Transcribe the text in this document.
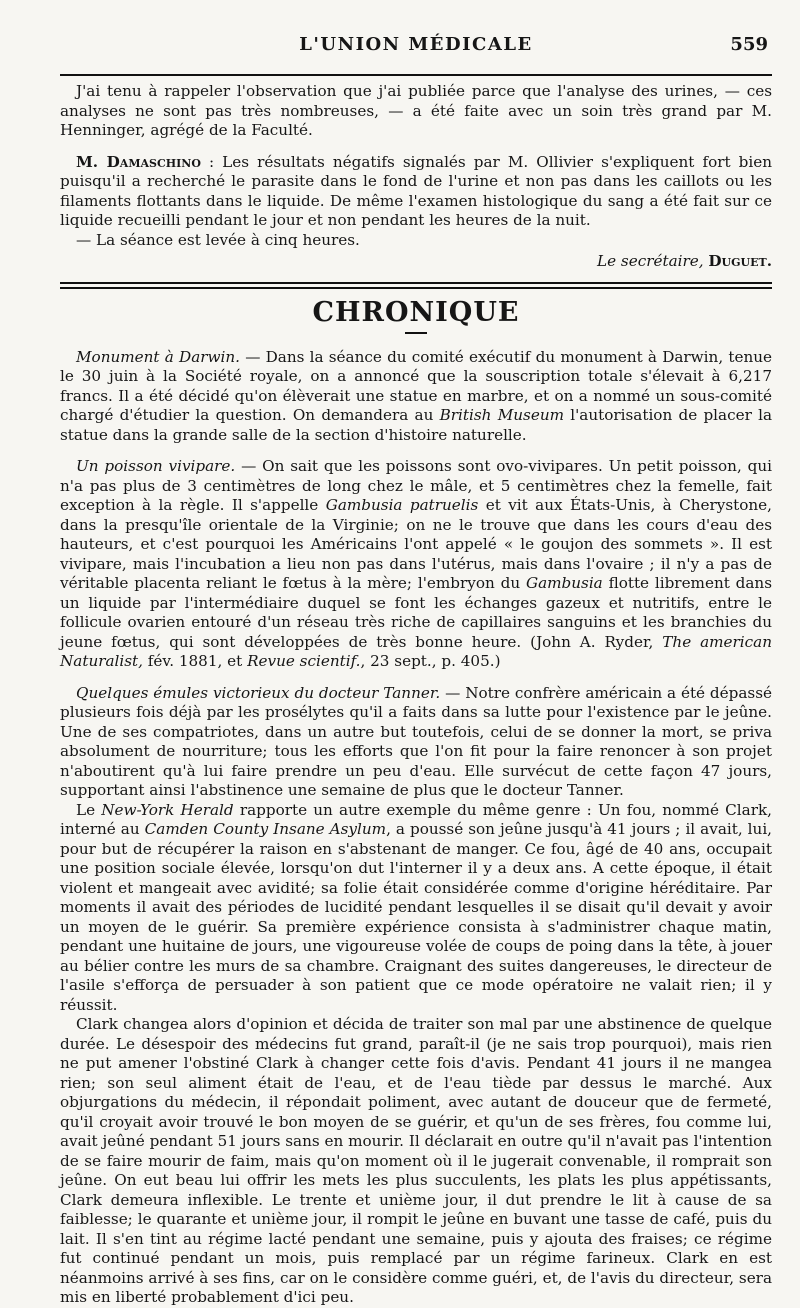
L'UNION MÉDICALE	559

J'ai tenu à rappeler l'observation que j'ai publiée parce que l'analyse des urines, — ces analyses ne sont pas très nombreuses, — a été faite avec un soin très grand par M. Henninger, agrégé de la Faculté.

M. Damaschino : Les résultats négatifs signalés par M. Ollivier s'expliquent fort bien puisqu'il a recherché le parasite dans le fond de l'urine et non pas dans les caillots ou les filaments flottants dans le liquide. De même l'examen histologique du sang a été fait sur ce liquide recueilli pendant le jour et non pendant les heures de la nuit.

— La séance est levée à cinq heures.

Le secrétaire, Duguet.

CHRONIQUE

Monument à Darwin. — Dans la séance du comité exécutif du monument à Darwin, tenue le 30 juin à la Société royale, on a annoncé que la souscription totale s'élevait à 6,217 francs. Il a été décidé qu'on élèverait une statue en marbre, et on a nommé un sous-comité chargé d'étudier la question. On demandera au British Museum l'autorisation de placer la statue dans la grande salle de la section d'histoire naturelle.

Un poisson vivipare. — On sait que les poissons sont ovo-vivipares. Un petit poisson, qui n'a pas plus de 3 centimètres de long chez le mâle, et 5 centimètres chez la femelle, fait exception à la règle. Il s'appelle Gambusia patruelis et vit aux États-Unis, à Cherystone, dans la presqu'île orientale de la Virginie; on ne le trouve que dans les cours d'eau des hauteurs, et c'est pourquoi les Américains l'ont appelé « le goujon des sommets ». Il est vivipare, mais l'incubation a lieu non pas dans l'utérus, mais dans l'ovaire ; il n'y a pas de véritable placenta reliant le fœtus à la mère; l'embryon du Gambusia flotte librement dans un liquide par l'intermédiaire duquel se font les échanges gazeux et nutritifs, entre le follicule ovarien entouré d'un réseau très riche de capillaires sanguins et les branchies du jeune fœtus, qui sont développées de très bonne heure. (John A. Ryder, The american Naturalist, fév. 1881, et Revue scientif., 23 sept., p. 405.)

Quelques émules victorieux du docteur Tanner. — Notre confrère américain a été dépassé plusieurs fois déjà par les prosélytes qu'il a faits dans sa lutte pour l'existence par le jeûne. Une de ses compatriotes, dans un autre but toutefois, celui de se donner la mort, se priva absolument de nourriture; tous les efforts que l'on fit pour la faire renoncer à son projet n'aboutirent qu'à lui faire prendre un peu d'eau. Elle survécut de cette façon 47 jours, supportant ainsi l'abstinence une semaine de plus que le docteur Tanner.

Le New-York Herald rapporte un autre exemple du même genre : Un fou, nommé Clark, interné au Camden County Insane Asylum, a poussé son jeûne jusqu'à 41 jours ; il avait, lui, pour but de récupérer la raison en s'abstenant de manger. Ce fou, âgé de 40 ans, occupait une position sociale élevée, lorsqu'on dut l'interner il y a deux ans. A cette époque, il était violent et mangeait avec avidité; sa folie était considérée comme d'origine héréditaire. Par moments il avait des périodes de lucidité pendant lesquelles il se disait qu'il devait y avoir un moyen de le guérir. Sa première expérience consista à s'administrer chaque matin, pendant une huitaine de jours, une vigoureuse volée de coups de poing dans la tête, à jouer au bélier contre les murs de sa chambre. Craignant des suites dangereuses, le directeur de l'asile s'efforça de persuader à son patient que ce mode opératoire ne valait rien; il y réussit.

Clark changea alors d'opinion et décida de traiter son mal par une abstinence de quelque durée. Le désespoir des médecins fut grand, paraît-il (je ne sais trop pourquoi), mais rien ne put amener l'obstiné Clark à changer cette fois d'avis. Pendant 41 jours il ne mangea rien; son seul aliment était de l'eau, et de l'eau tiède par dessus le marché. Aux objurgations du médecin, il répondait poliment, avec autant de douceur que de fermeté, qu'il croyait avoir trouvé le bon moyen de se guérir, et qu'un de ses frères, fou comme lui, avait jeûné pendant 51 jours sans en mourir. Il déclarait en outre qu'il n'avait pas l'intention de se faire mourir de faim, mais qu'on moment où il le jugerait convenable, il romprait son jeûne. On eut beau lui offrir les mets les plus succulents, les plats les plus appétissants, Clark demeura inflexible. Le trente et unième jour, il dut prendre le lit à cause de sa faiblesse; le quarante et unième jour, il rompit le jeûne en buvant une tasse de café, puis du lait. Il s'en tint au régime lacté pendant une semaine, puis y ajouta des fraises; ce régime fut continué pendant un mois, puis remplacé par un régime farineux. Clark en est néanmoins arrivé à ses fins, car on le considère comme guéri, et, de l'avis du directeur, sera mis en liberté probablement d'ici peu.
